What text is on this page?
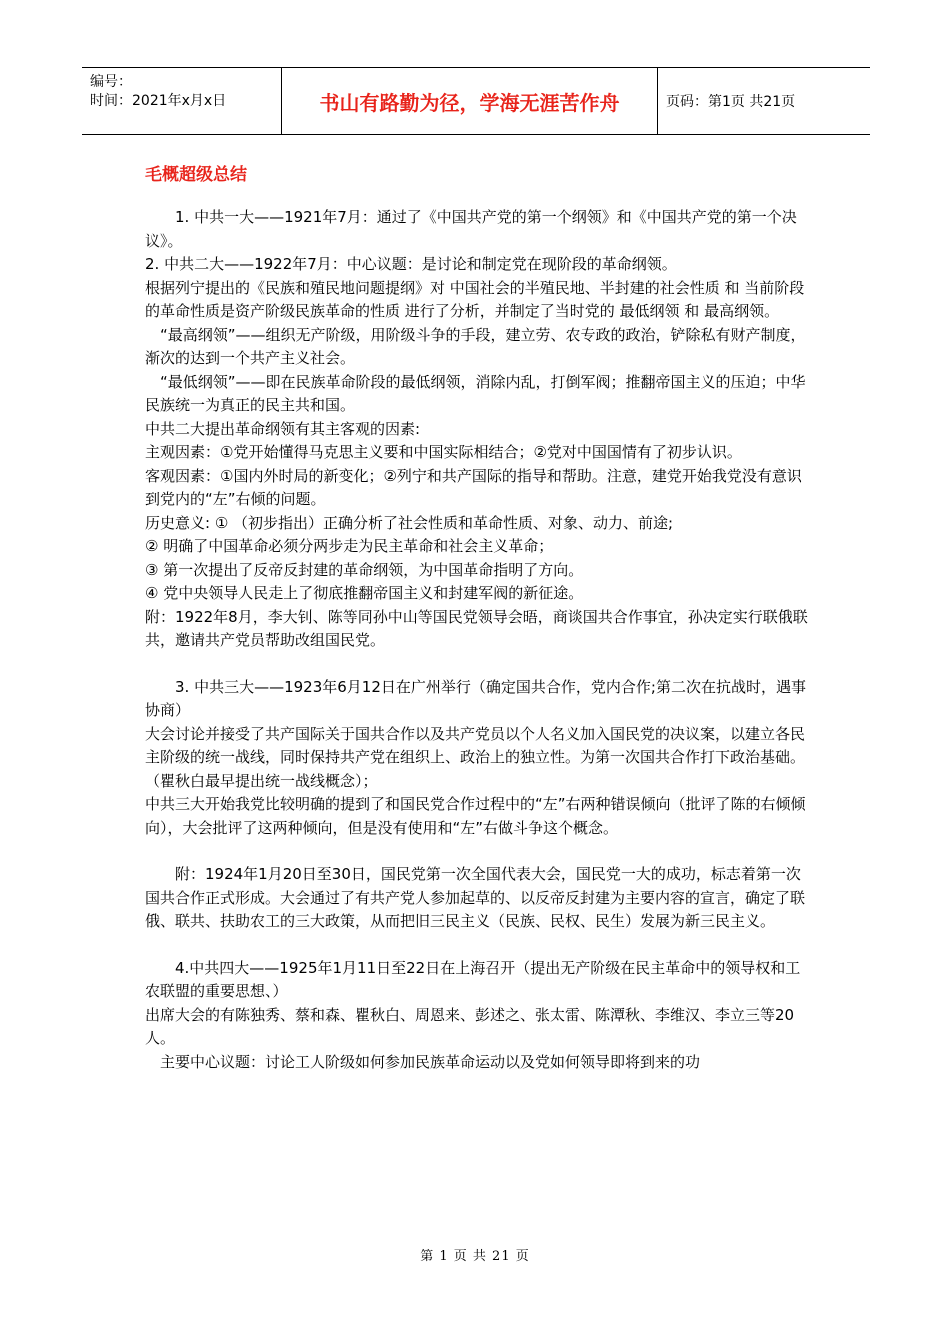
编号：
时间：2021年x月x日	书山有路勤为径，学海无涯苦作舟	页码：第1页 共21页
毛概超级总结

　　1. 中共一大——1921年7月：通过了《中国共产党的第一个纲领》和《中国共产党的第一个决议》。

2. 中共二大——1922年7月：中心议题：是讨论和制定党在现阶段的革命纲领。

根据列宁提出的《民族和殖民地问题提纲》对 中国社会的半殖民地、半封建的社会性质 和 当前阶段的革命性质是资产阶级民族革命的性质 进行了分析，并制定了当时党的 最低纲领 和 最高纲领。

　“最高纲领”——组织无产阶级，用阶级斗争的手段，建立劳、农专政的政治，铲除私有财产制度，渐次的达到一个共产主义社会。

　“最低纲领”——即在民族革命阶段的最低纲领，消除内乱，打倒军阀；推翻帝国主义的压迫；中华民族统一为真正的民主共和国。

中共二大提出革命纲领有其主客观的因素:

主观因素：①党开始懂得马克思主义要和中国实际相结合；②党对中国国情有了初步认识。

客观因素：①国内外时局的新变化；②列宁和共产国际的指导和帮助。注意，建党开始我党没有意识到党内的“左”右倾的问题。

历史意义: ① （初步指出）正确分析了社会性质和革命性质、对象、动力、前途;

② 明确了中国革命必须分两步走为民主革命和社会主义革命；

③ 第一次提出了反帝反封建的革命纲领，为中国革命指明了方向。

④ 党中央领导人民走上了彻底推翻帝国主义和封建军阀的新征途。

附：1922年8月，李大钊、陈等同孙中山等国民党领导会晤，商谈国共合作事宜，孙决定实行联俄联共，邀请共产党员帮助改组国民党。

　　3. 中共三大——1923年6月12日在广州举行（确定国共合作，党内合作;第二次在抗战时，遇事协商）

大会讨论并接受了共产国际关于国共合作以及共产党员以个人名义加入国民党的决议案，以建立各民主阶级的统一战线，同时保持共产党在组织上、政治上的独立性。为第一次国共合作打下政治基础。（瞿秋白最早提出统一战线概念）；

中共三大开始我党比较明确的提到了和国民党合作过程中的“左”右两种错误倾向（批评了陈的右倾倾向），大会批评了这两种倾向，但是没有使用和“左”右做斗争这个概念。

　　附：1924年1月20日至30日，国民党第一次全国代表大会，国民党一大的成功，标志着第一次国共合作正式形成。大会通过了有共产党人参加起草的、以反帝反封建为主要内容的宣言，确定了联俄、联共、扶助农工的三大政策，从而把旧三民主义（民族、民权、民生）发展为新三民主义。

　　4.中共四大——1925年1月11日至22日在上海召开（提出无产阶级在民主革命中的领导权和工农联盟的重要思想、）

出席大会的有陈独秀、蔡和森、瞿秋白、周恩来、彭述之、张太雷、陈潭秋、李维汉、李立三等20人。

　主要中心议题：讨论工人阶级如何参加民族革命运动以及党如何领导即将到来的功

第 1 页 共 21 页
